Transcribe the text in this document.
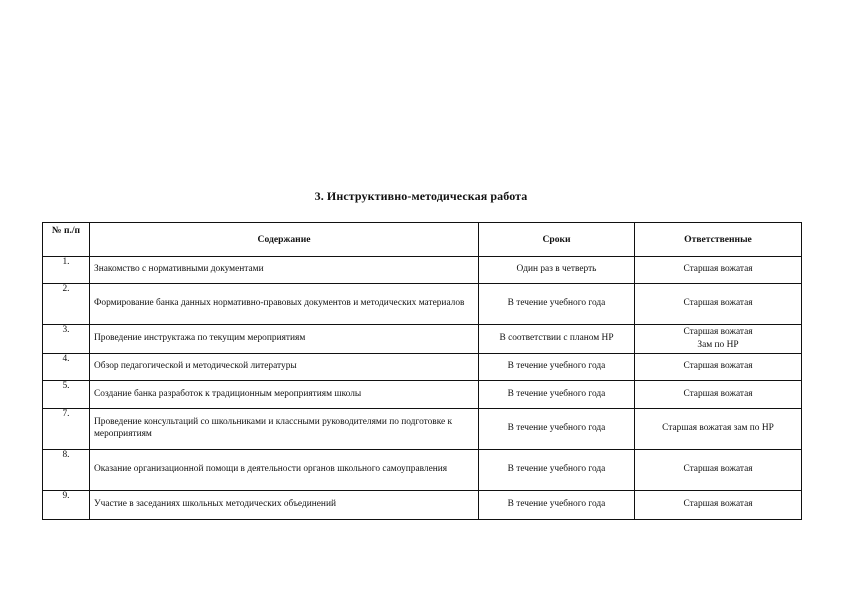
3. Инструктивно-методическая работа
№ п./п	Содержание	Сроки	Ответственные
1.	Знакомство с нормативными документами	Один раз в четверть	Старшая вожатая
2.	Формирование банка данных нормативно-правовых документов и методических материалов	В течение учебного года	Старшая вожатая
3.	Проведение инструктажа по текущим мероприятиям	В соответствии с планом НР	Старшая вожатая
Зам по НР
4.	Обзор педагогической и методической литературы	В течение учебного года	Старшая вожатая
5.	Создание банка разработок к традиционным мероприятиям школы	В течение учебного года	Старшая вожатая
7.	Проведение консультаций со школьниками и классными руководителями по подготовке к мероприятиям	В течение учебного года	Старшая вожатая зам по НР
8.	Оказание организационной помощи в деятельности органов школьного самоуправления	В течение учебного года	Старшая вожатая
9.	Участие в заседаниях школьных методических объединений	В течение учебного года	Старшая вожатая
